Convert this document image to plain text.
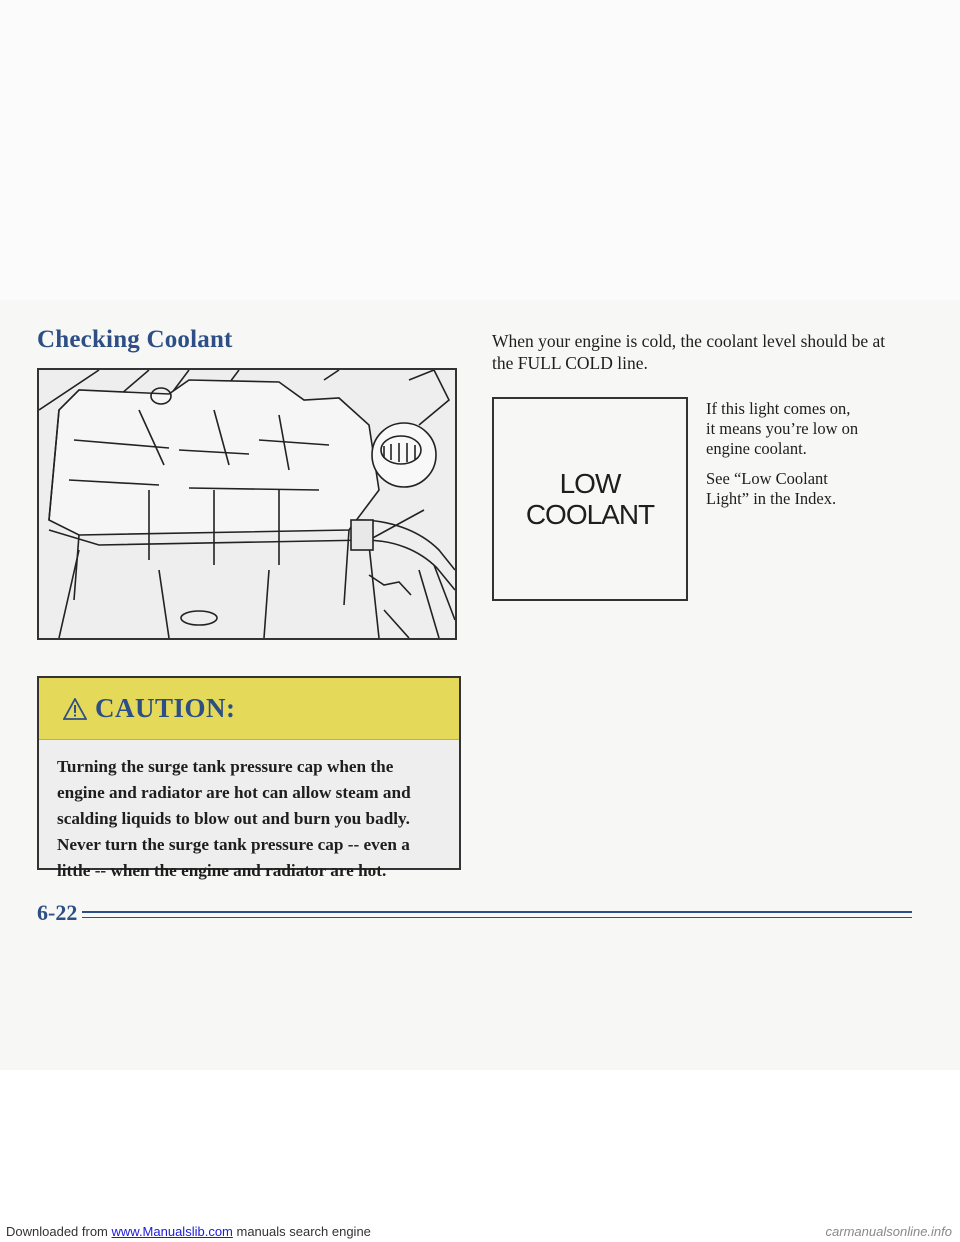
Checking Coolant
CAUTION:
Turning the surge tank pressure cap when the
engine and radiator are hot can allow steam and
scalding liquids to blow out and burn you badly.
Never turn the surge tank pressure cap -- even a
little -- when the engine and radiator are hot.
When your engine is cold, the coolant level should be at
the FULL COLD line.
LOW
COOLANT

If this light comes on,
it means you’re low on
engine coolant.

See “Low Coolant
Light” in the Index.

6-22
Downloaded from www.Manualslib.com manuals search engine	carmanualsonline.info
